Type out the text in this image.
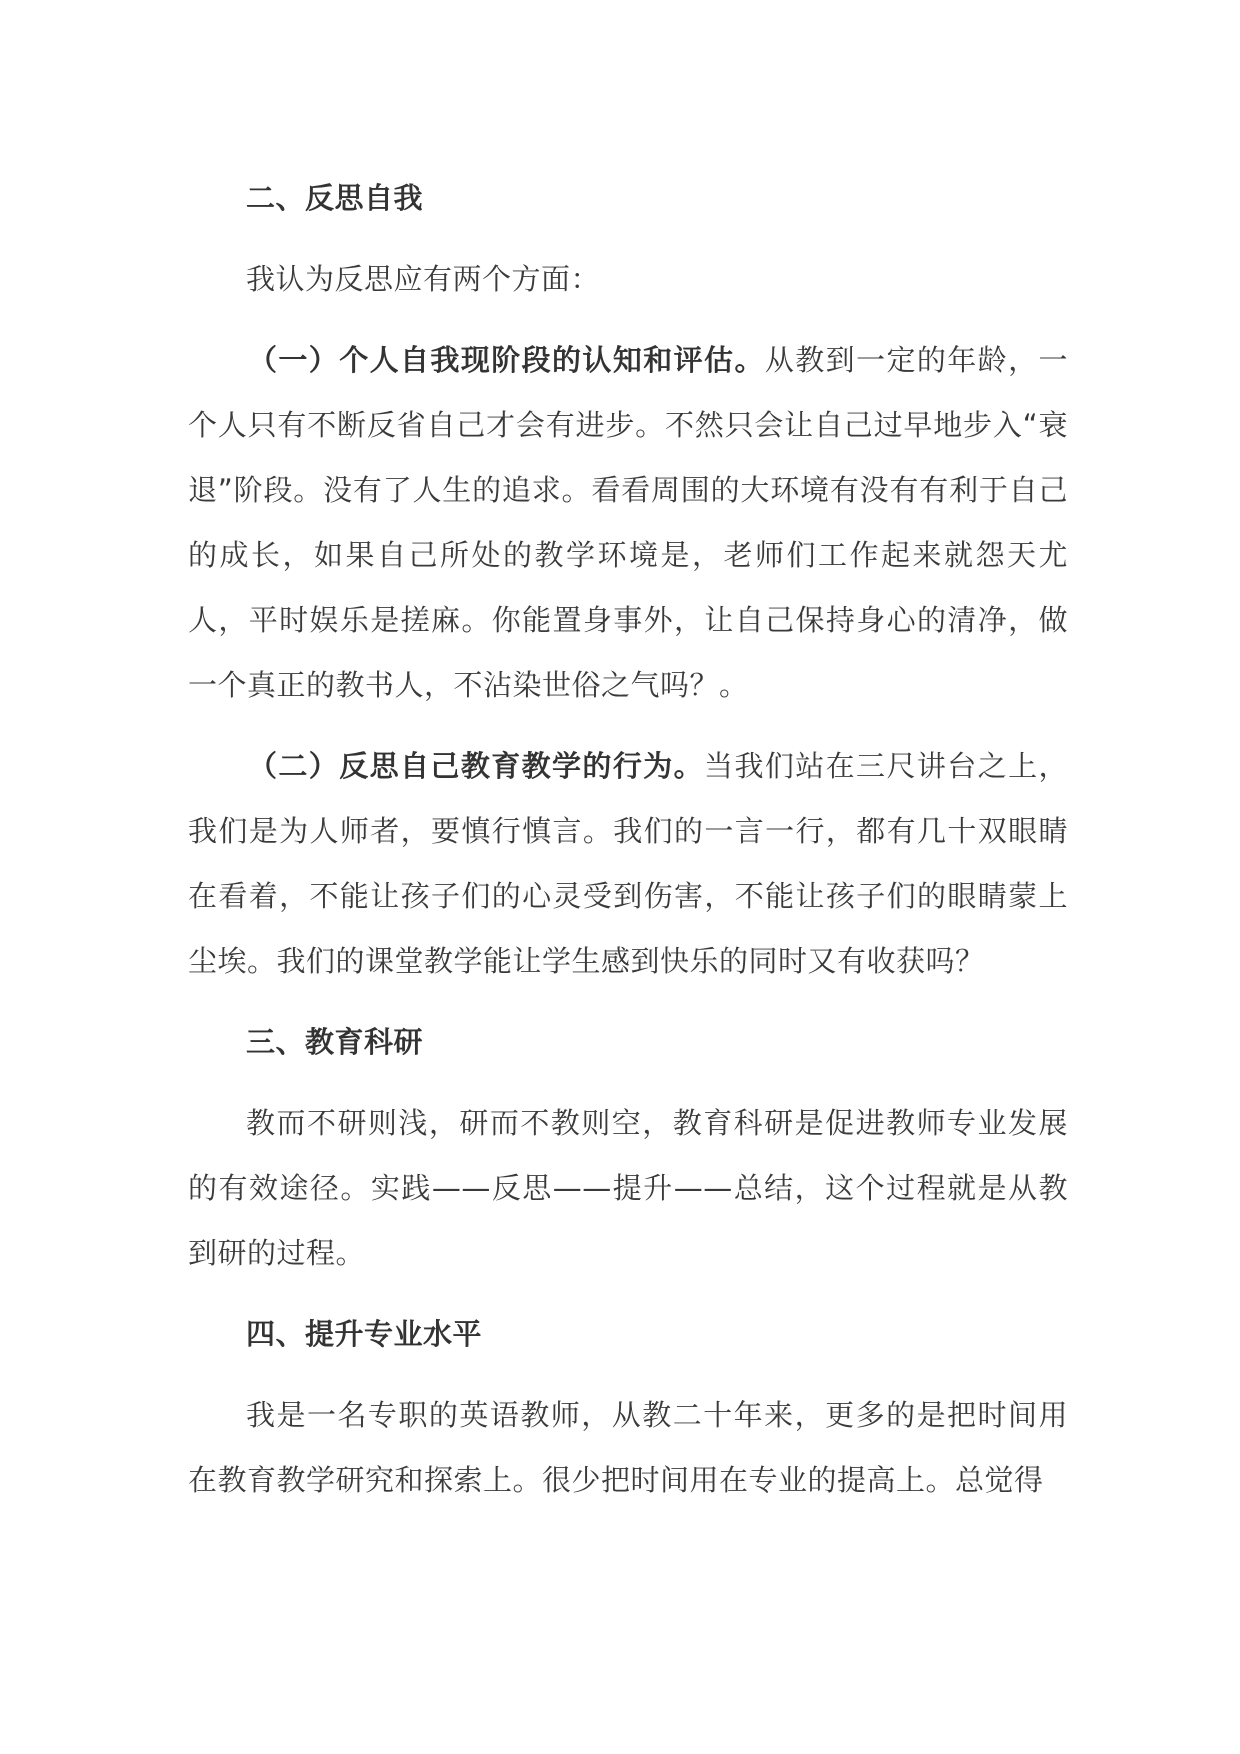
二、反思自我
我认为反思应有两个方面：
（一）个人自我现阶段的认知和评估。从教到一定的年龄，一个人只有不断反省自己才会有进步。不然只会让自己过早地步入“衰退”阶段。没有了人生的追求。看看周围的大环境有没有有利于自己的成长，如果自己所处的教学环境是，老师们工作起来就怨天尤人，平时娱乐是搓麻。你能置身事外，让自己保持身心的清净，做一个真正的教书人，不沾染世俗之气吗？。
（二）反思自己教育教学的行为。当我们站在三尺讲台之上，我们是为人师者，要慎行慎言。我们的一言一行，都有几十双眼睛在看着，不能让孩子们的心灵受到伤害，不能让孩子们的眼睛蒙上尘埃。我们的课堂教学能让学生感到快乐的同时又有收获吗？
三、教育科研
教而不研则浅，研而不教则空，教育科研是促进教师专业发展的有效途径。实践——反思——提升——总结，这个过程就是从教到研的过程。
四、提升专业水平
我是一名专职的英语教师，从教二十年来，更多的是把时间用在教育教学研究和探索上。很少把时间用在专业的提高上。总觉得
